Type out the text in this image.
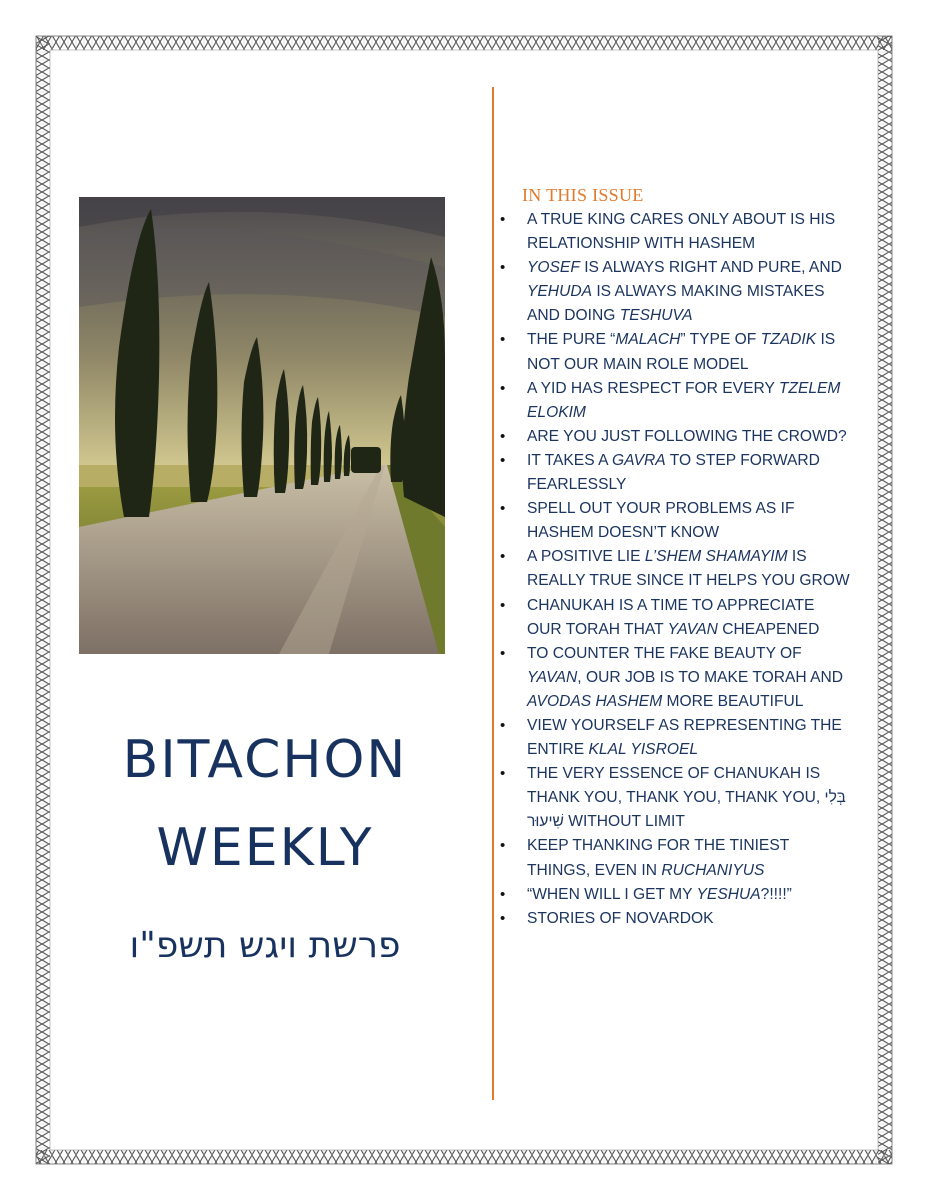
BITACHON
WEEKLY
פרשת ויגש תשפ"ו
IN THIS ISSUE
• A TRUE KING CARES ONLY ABOUT IS HIS RELATIONSHIP WITH HASHEM
• YOSEF IS ALWAYS RIGHT AND PURE, AND YEHUDA IS ALWAYS MAKING MISTAKES AND DOING TESHUVA
• THE PURE “MALACH” TYPE OF TZADIK IS NOT OUR MAIN ROLE MODEL
• A YID HAS RESPECT FOR EVERY TZELEM ELOKIM
• ARE YOU JUST FOLLOWING THE CROWD?
• IT TAKES A GAVRA TO STEP FORWARD FEARLESSLY
• SPELL OUT YOUR PROBLEMS AS IF HASHEM DOESN’T KNOW
• A POSITIVE LIE L’SHEM SHAMAYIM IS REALLY TRUE SINCE IT HELPS YOU GROW
• CHANUKAH IS A TIME TO APPRECIATE OUR TORAH THAT YAVAN CHEAPENED
• TO COUNTER THE FAKE BEAUTY OF YAVAN, OUR JOB IS TO MAKE TORAH AND AVODAS HASHEM MORE BEAUTIFUL
• VIEW YOURSELF AS REPRESENTING THE ENTIRE KLAL YISROEL
• THE VERY ESSENCE OF CHANUKAH IS THANK YOU, THANK YOU, THANK YOU, בְּלִי שִׁיעוּר WITHOUT LIMIT
• KEEP THANKING FOR THE TINIEST THINGS, EVEN IN RUCHANIYUS
• “WHEN WILL I GET MY YESHUA?!!!!”
• STORIES OF NOVARDOK
